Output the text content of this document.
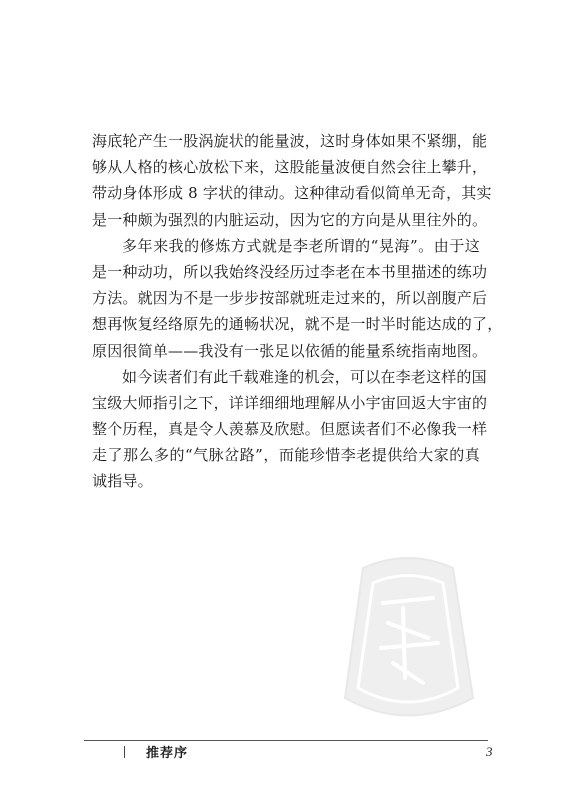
海底轮产生一股涡旋状的能量波，这时身体如果不紧绷，能
够从人格的核心放松下来，这股能量波便自然会往上攀升，
带动身体形成 8 字状的律动。这种律动看似简单无奇，其实
是一种颇为强烈的内脏运动，因为它的方向是从里往外的。
多年来我的修炼方式就是李老所谓的“晃海”。由于这
是一种动功，所以我始终没经历过李老在本书里描述的练功
方法。就因为不是一步步按部就班走过来的，所以剖腹产后
想再恢复经络原先的通畅状况，就不是一时半时能达成的了，
原因很简单——我没有一张足以依循的能量系统指南地图。
如今读者们有此千载难逢的机会，可以在李老这样的国
宝级大师指引之下，详详细细地理解从小宇宙回返大宇宙的
整个历程，真是令人羡慕及欣慰。但愿读者们不必像我一样
走了那么多的“气脉岔路”，而能珍惜李老提供给大家的真
诚指导。
推荐序	3
